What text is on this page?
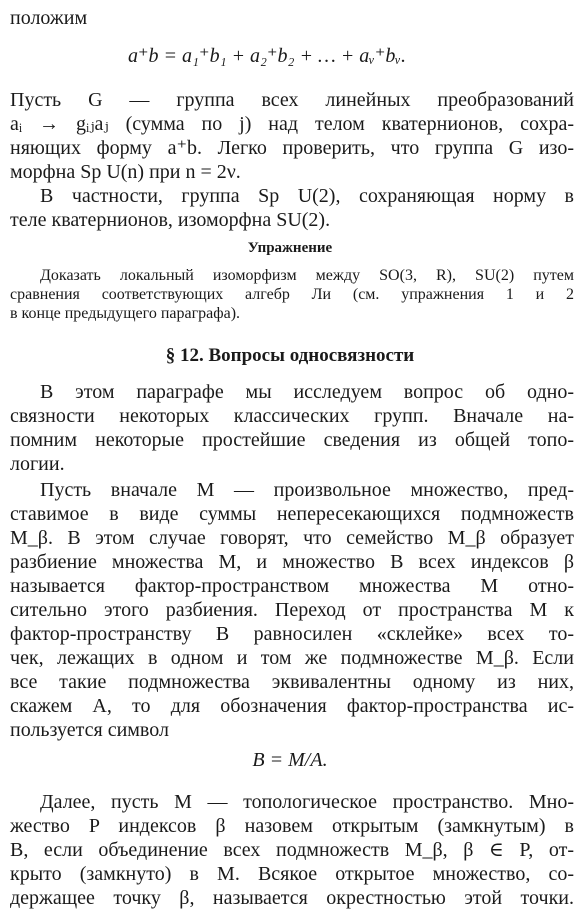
положим

a⁺b = a₁⁺b₁ + a₂⁺b₂ + … + aᵥ⁺bᵥ.

Пусть G — группа всех линейных преобразований

aᵢ → gᵢⱼaⱼ (сумма по j) над телом кватернионов, сохра-

няющих форму a⁺b. Легко проверить, что группа G изо-

морфна Sp U(n) при n = 2ν.

В частности, группа Sp U(2), сохраняющая норму в

теле кватернионов, изоморфна SU(2).

Упражнение

Доказать локальный изоморфизм между SO(3, R), SU(2) путем

сравнения соответствующих алгебр Ли (см. упражнения 1 и 2

в конце предыдущего параграфа).

§ 12. Вопросы односвязности

В этом параграфе мы исследуем вопрос об одно-

связности некоторых классических групп. Вначале на-

помним некоторые простейшие сведения из общей топо-

логии.

Пусть вначале M — произвольное множество, пред-

ставимое в виде суммы непересекающихся подмножеств

M_β. В этом случае говорят, что семейство M_β образует

разбиение множества M, и множество B всех индексов β

называется фактор-пространством множества M отно-

сительно этого разбиения. Переход от пространства M к

фактор-пространству B равносилен «склейке» всех то-

чек, лежащих в одном и том же подмножестве M_β. Если

все такие подмножества эквивалентны одному из них,

скажем A, то для обозначения фактор-пространства ис-

пользуется символ

B = M/A.

Далее, пусть M — топологическое пространство. Мно-

жество P индексов β назовем открытым (замкнутым) в

B, если объединение всех подмножеств M_β, β ∈ P, от-

крыто (замкнуто) в M. Всякое открытое множество, со-

держащее точку β, называется окрестностью этой точки.
